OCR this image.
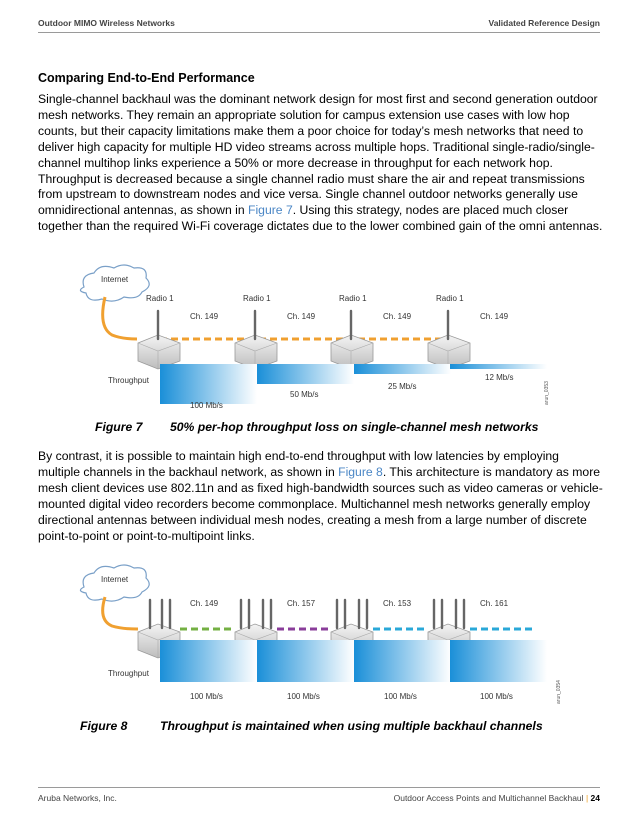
Outdoor MIMO Wireless Networks	Validated Reference Design
Comparing End-to-End Performance
Single-channel backhaul was the dominant network design for most first and second generation outdoor mesh networks. They remain an appropriate solution for campus extension use cases with low hop counts, but their capacity limitations make them a poor choice for today’s mesh networks that need to deliver high capacity for multiple HD video streams across multiple hops. Traditional single-radio/single-channel multihop links experience a 50% or more decrease in throughput for each network hop. Throughput is decreased because a single channel radio must share the air and repeat transmissions from upstream to downstream nodes and vice versa. Single channel outdoor networks generally use omnidirectional antennas, as shown in Figure 7. Using this strategy, nodes are placed much closer together than the required Wi-Fi coverage dictates due to the lower combined gain of the omni antennas.
Internet
Throughput
arun_0353
Radio 1
Ch. 149
Radio 1
Ch. 149
Radio 1
Ch. 149
Radio 1
Ch. 149
100 Mb/s
50 Mb/s
25 Mb/s
12 Mb/s
Figure 7 50% per-hop throughput loss on single-channel mesh networks
By contrast, it is possible to maintain high end-to-end throughput with low latencies by employing multiple channels in the backhaul network, as shown in Figure 8. This architecture is mandatory as more mesh client devices use 802.11n and as fixed high-bandwidth sources such as video cameras or vehicle-mounted digital video recorders become commonplace. Multichannel mesh networks generally employ directional antennas between individual mesh nodes, creating a mesh from a large number of discrete point-to-point or point-to-multipoint links.
Internet
Throughput
arun_0354
Ch. 149	Ch. 157	Ch. 153	Ch. 161
100 Mb/s	100 Mb/s	100 Mb/s	100 Mb/s
Figure 8	Throughput is maintained when using multiple backhaul channels
Aruba Networks, Inc.	Outdoor Access Points and Multichannel Backhaul | 24
